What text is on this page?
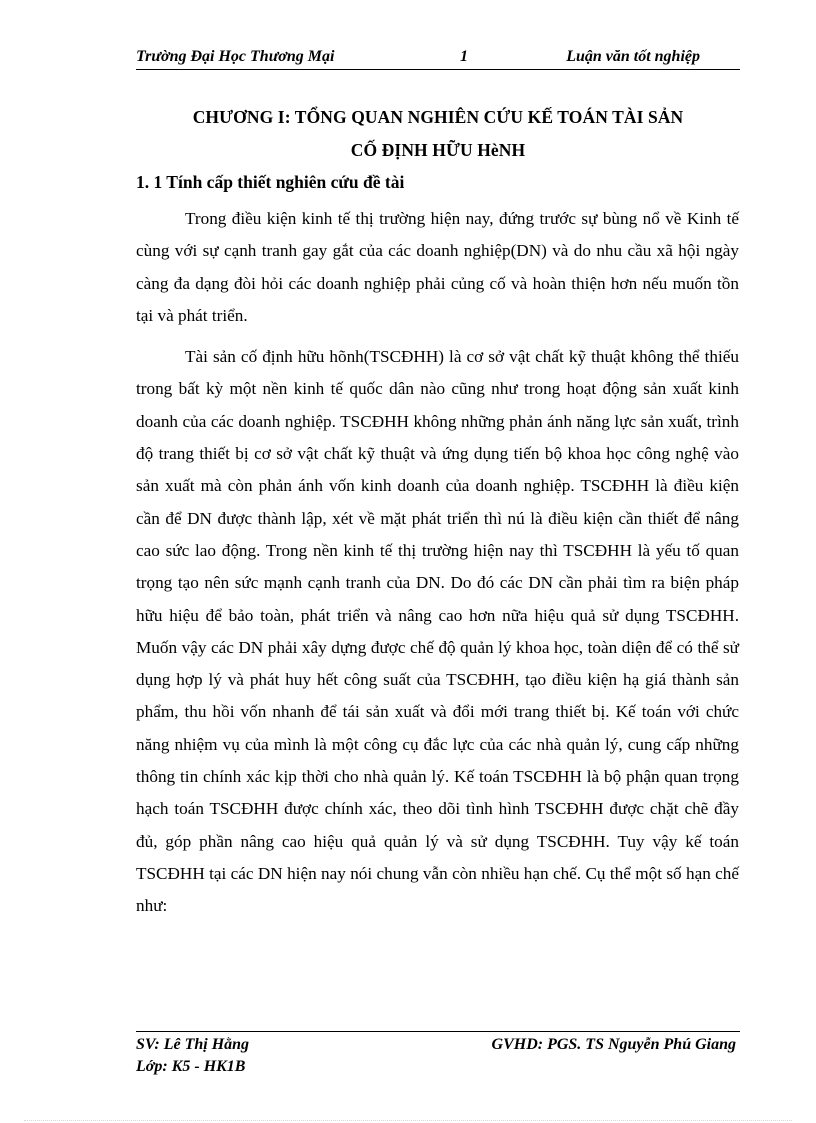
Trường Đại Học Thương Mại	1	Luận văn tốt nghiệp
CHƯƠNG I: TỔNG QUAN NGHIÊN CỨU KẾ TOÁN TÀI SẢN
CỐ ĐỊNH HỮU HèNH
1. 1 Tính cấp thiết nghiên cứu đề tài

Trong điều kiện kinh tế thị trường hiện nay, đứng trước sự bùng nổ về Kinh tế cùng với sự cạnh tranh gay gắt của các doanh nghiệp(DN) và do nhu cầu xã hội ngày càng đa dạng đòi hỏi các doanh nghiệp phải củng cố và hoàn thiện hơn nếu muốn tồn tại và phát triển.

Tài sản cố định hữu hõnh(TSCĐHH) là cơ sở vật chất kỹ thuật không thể thiếu trong bất kỳ một nền kinh tế quốc dân nào cũng như trong hoạt động sản xuất kinh doanh của các doanh nghiệp. TSCĐHH không những phản ánh năng lực sản xuất, trình độ trang thiết bị cơ sở vật chất kỹ thuật và ứng dụng tiến bộ khoa học công nghệ vào sản xuất mà còn phản ánh vốn kinh doanh của doanh nghiệp. TSCĐHH là điều kiện cần để DN được thành lập, xét về mặt phát triển thì nú là điều kiện cần thiết để nâng cao sức lao động. Trong nền kinh tế thị trường hiện nay thì TSCĐHH là yếu tố quan trọng tạo nên sức mạnh cạnh tranh của DN. Do đó các DN cần phải tìm ra biện pháp hữu hiệu để bảo toàn, phát triển và nâng cao hơn nữa hiệu quả sử dụng TSCĐHH. Muốn vậy các DN phải xây dựng được chế độ quản lý khoa học, toàn diện để có thể sử dụng hợp lý và phát huy hết công suất của TSCĐHH, tạo điều kiện hạ giá thành sản phẩm, thu hồi vốn nhanh để tái sản xuất và đổi mới trang thiết bị. Kế toán với chức năng nhiệm vụ của mình là một công cụ đắc lực của các nhà quản lý, cung cấp những thông tin chính xác kịp thời cho nhà quản lý. Kế toán TSCĐHH là bộ phận quan trọng hạch toán TSCĐHH được chính xác, theo dõi tình hình TSCĐHH được chặt chẽ đầy đủ, góp phần nâng cao hiệu quả quản lý và sử dụng TSCĐHH. Tuy vậy kế toán TSCĐHH tại các DN hiện nay nói chung vẫn còn nhiều hạn chế. Cụ thể một số hạn chế như:

SV: Lê Thị Hằng	GVHD: PGS. TS Nguyễn Phú Giang
Lớp: K5 - HK1B
